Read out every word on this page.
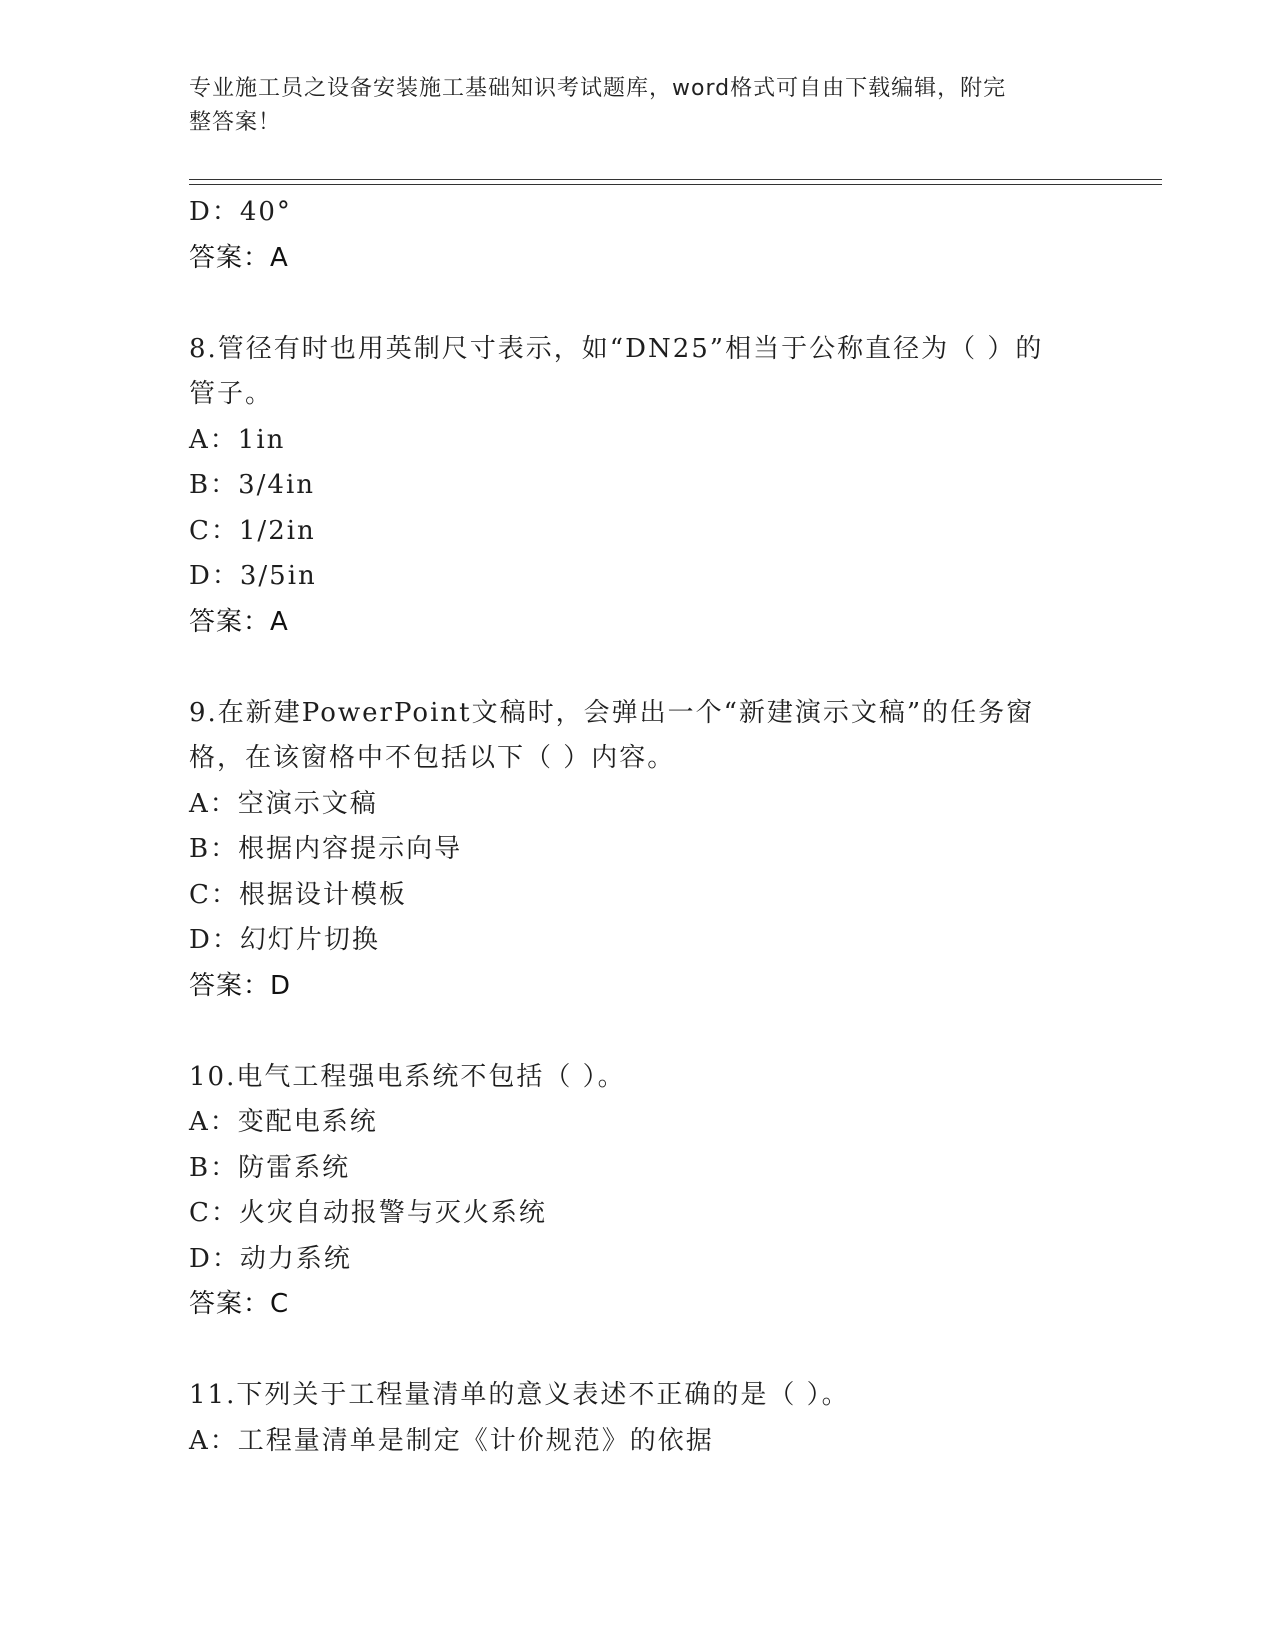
专业施工员之设备安装施工基础知识考试题库，word格式可自由下载编辑，附完
整答案！
D：40°
答案：A
8.管径有时也用英制尺寸表示，如“DN25”相当于公称直径为（ ）的
管子。
A：1in
B：3/4in
C：1/2in
D：3/5in
答案：A
9.在新建PowerPoint文稿时，会弹出一个“新建演示文稿”的任务窗
格，在该窗格中不包括以下（ ）内容。
A：空演示文稿
B：根据内容提示向导
C：根据设计模板
D：幻灯片切换
答案：D
10.电气工程强电系统不包括（ ）。
A：变配电系统
B：防雷系统
C：火灾自动报警与灭火系统
D：动力系统
答案：C
11.下列关于工程量清单的意义表述不正确的是（ ）。
A：工程量清单是制定《计价规范》的依据
